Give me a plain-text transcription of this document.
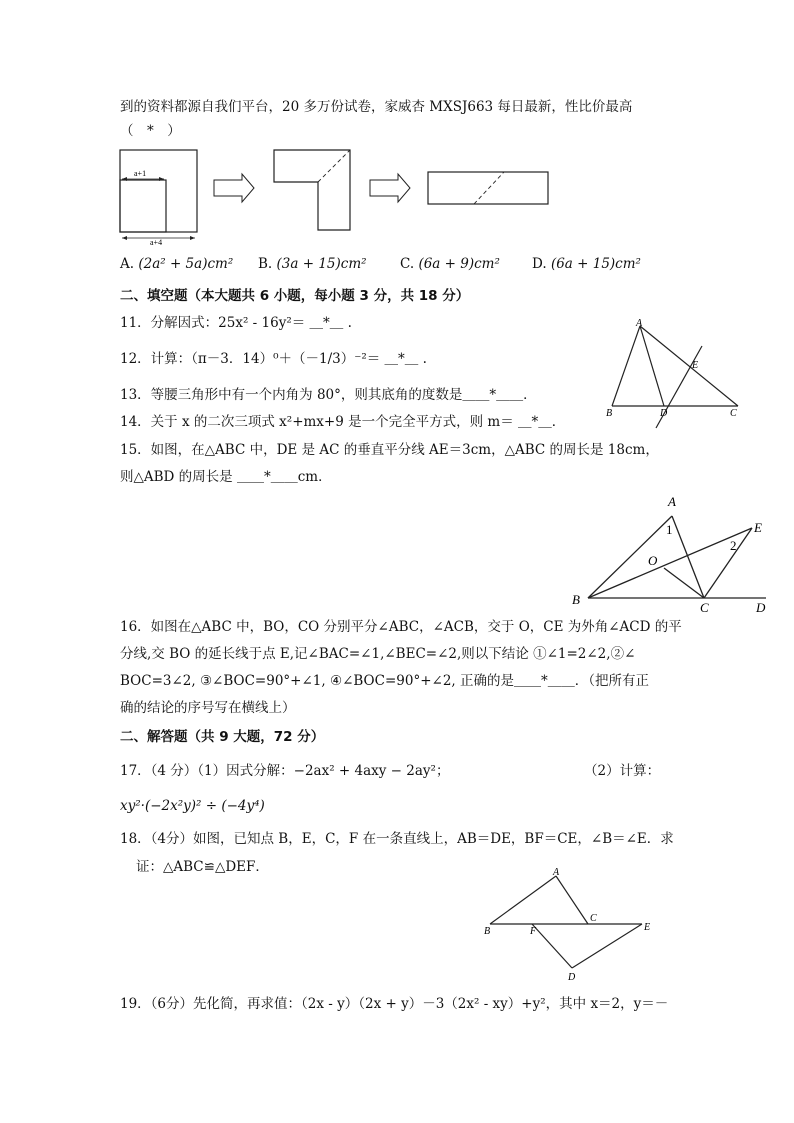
到的资料都源自我们平台，20 多万份试卷，家威杏 MXSJ663 每日最新，性比价最高
（　*　）
a+1
a+4
A. (2a² + 5a)cm² B. (3a + 15)cm² C. (6a + 9)cm² D. (6a + 15)cm²
二、填空题（本大题共 6 小题，每小题 3 分，共 18 分）
11．分解因式：25x² - 16y²＝ ＿*＿ .
12．计算：（π－3．14）⁰＋（－1/3）⁻²＝ ＿*＿ .
13．等腰三角形中有一个内角为 80°，则其底角的度数是＿＿*＿＿．
14．关于 x 的二次三项式 x²+mx+9 是一个完全平方式，则 m＝ ＿*＿．
15．如图，在△ABC 中，DE 是 AC 的垂直平分线 AE＝3cm，△ABC 的周长是 18cm，
则△ABD 的周长是 ＿＿*＿＿cm．
A
B	C
D
E
A
B
C	D
E
O
1
2
16．如图在△ABC 中，BO，CO 分别平分∠ABC，∠ACB，交于 O，CE 为外角∠ACD 的平
分线,交 BO 的延长线于点 E,记∠BAC=∠1,∠BEC=∠2,则以下结论 ①∠1=2∠2,②∠
BOC=3∠2, ③∠BOC=90°+∠1, ④∠BOC=90°+∠2, 正确的是＿＿*＿＿．（把所有正
确的结论的序号写在横线上）
二、解答题（共 9 大题，72 分）
17．（4 分）（1）因式分解：−2ax² + 4axy − 2ay²；	（2）计算：
xy²·(−2x²y)² ÷ (−4y⁴)
18．（4分）如图，已知点 B，E，C，F 在一条直线上，AB＝DE，BF＝CE，∠B＝∠E．求
证：△ABC≌△DEF．	A
B
C
F	E
D
19．（6分）先化简，再求值：（2x - y）（2x + y）－3（2x² - xy）+y²，其中 x＝2，y＝－
